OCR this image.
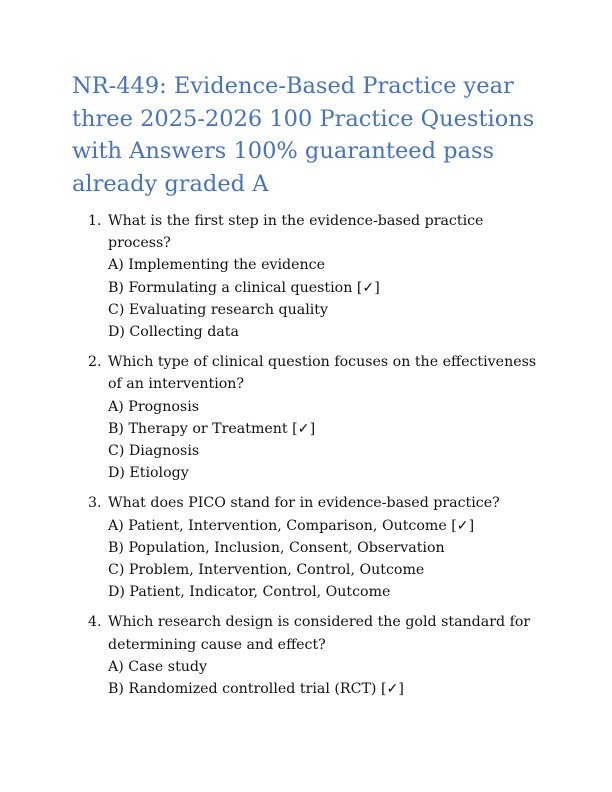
NR-449: Evidence-Based Practice year three 2025-2026 100 Practice Questions with Answers 100% guaranteed pass already graded A
1. What is the first step in the evidence-based practice process?
A) Implementing the evidence
B) Formulating a clinical question [✓]
C) Evaluating research quality
D) Collecting data
2. Which type of clinical question focuses on the effectiveness of an intervention?
A) Prognosis
B) Therapy or Treatment [✓]
C) Diagnosis
D) Etiology
3. What does PICO stand for in evidence-based practice?
A) Patient, Intervention, Comparison, Outcome [✓]
B) Population, Inclusion, Consent, Observation
C) Problem, Intervention, Control, Outcome
D) Patient, Indicator, Control, Outcome
4. Which research design is considered the gold standard for determining cause and effect?
A) Case study
B) Randomized controlled trial (RCT) [✓]
